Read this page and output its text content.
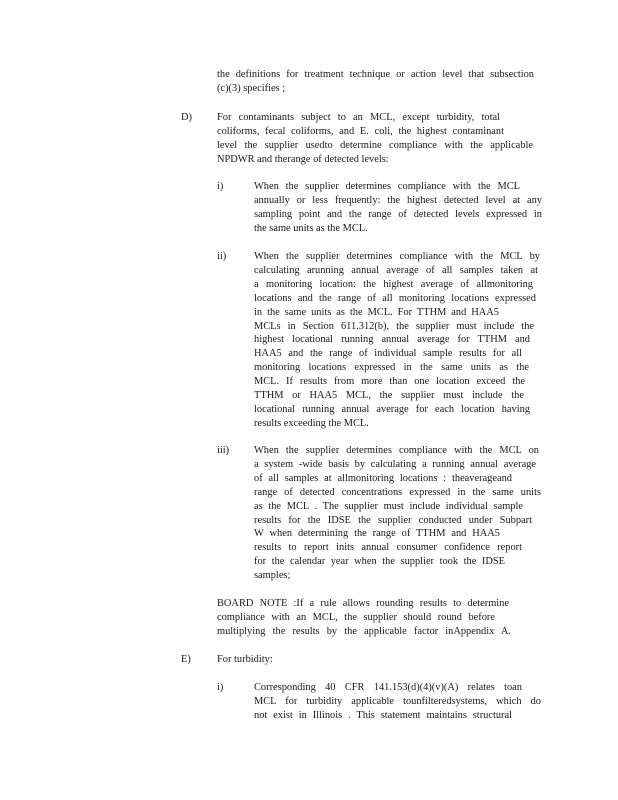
the definitions for treatment technique or action level that subsection
(c)(3) specifies ;
D) For contaminants subject to an MCL, except turbidity, total
coliforms, fecal coliforms, and E. coli, the highest contaminant
level the supplier usedto determine compliance with the applicable
NPDWR and therange of detected levels:
i)	When the supplier determines compliance with the MCL
annually or less frequently: the highest detected level at any
sampling point and the range of detected levels expressed in
the same units as the MCL.
ii)	When the supplier determines compliance with the MCL by
calculating arunning annual average of all samples taken at
a monitoring location: the highest average of allmonitoring
locations and the range of all monitoring locations expressed
in the same units as the MCL. For TTHM and HAA5
MCLs in Section 611.312(b), the supplier must include the
highest locational running annual average for TTHM and
HAA5 and the range of individual sample results for all
monitoring locations expressed in the same units as the
MCL. If results from more than one location exceed the
TTHM or HAA5 MCL, the supplier must include the
locational running annual average for each location having
results exceeding the MCL.
iii) When the supplier determines compliance with the MCL on
a system -wide basis by calculating a running annual average
of all samples at allmonitoring locations : theaverageand
range of detected concentrations expressed in the same units
as the MCL . The supplier must include individual sample
results for the IDSE the supplier conducted under Subpart
W when determining the range of TTHM and HAA5
results to report inits annual consumer confidence report
for the calendar year when the supplier took the IDSE
samples;
BOARD NOTE :If a rule allows rounding results to determine
compliance with an MCL, the supplier should round before
multiplying the results by the applicable factor inAppendix A.
E)	For turbidity:
i)	Corresponding 40 CFR 141.153(d)(4)(v)(A) relates toan
MCL for turbidity applicable tounfilteredsystems, which do
not exist in Illinois . This statement maintains structural
